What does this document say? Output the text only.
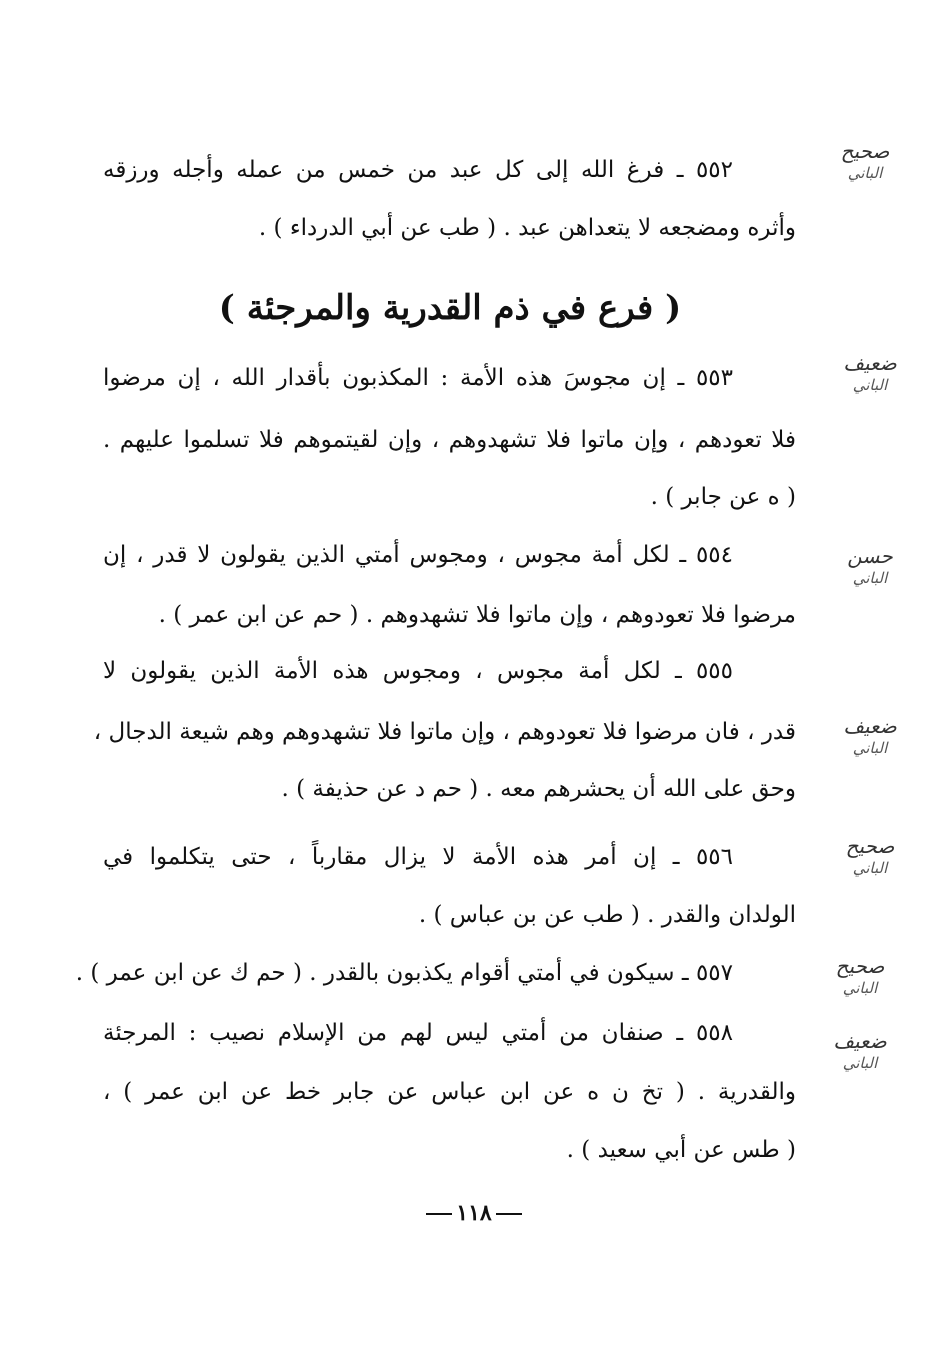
٥٥٢ ـ فرغ الله إلى كل عبد من خمس من عمله وأجله ورزقه
وأثره ومضجعه لا يتعداهن عبد . ( طب عن أبي الدرداء ) .
صحيح
الباني
( فرع في ذم القدرية والمرجئة )
٥٥٣ ـ إن مجوسَ هذه الأمة : المكذبون بأقدار الله ، إن مرضوا
فلا تعودهم ، وإن ماتوا فلا تشهدوهم ، وإن لقيتموهم فلا تسلموا عليهم .
( ه عن جابر ) .
ضعيف
الباني
٥٥٤ ـ لكل أمة مجوس ، ومجوس أمتي الذين يقولون لا قدر ، إن
مرضوا فلا تعودوهم ، وإن ماتوا فلا تشهدوهم . ( حم عن ابن عمر ) .
حسن
الباني
٥٥٥ ـ لكل أمة مجوس ، ومجوس هذه الأمة الذين يقولون لا
قدر ، فان مرضوا فلا تعودوهم ، وإن ماتوا فلا تشهدوهم وهم شيعة الدجال ،
وحق على الله أن يحشرهم معه . ( حم د عن حذيفة ) .
ضعيف
الباني
٥٥٦ ـ إن أمر هذه الأمة لا يزال مقارباً ، حتى يتكلموا في
الولدان والقدر . ( طب عن بن عباس ) .
صحيح
الباني
٥٥٧ ـ سيكون في أمتي أقوام يكذبون بالقدر . ( حم ك عن ابن عمر ) .	صحيح
الباني
٥٥٨ ـ صنفان من أمتي ليس لهم من الإسلام نصيب : المرجئة
والقدرية . ( تخ ن ه عن ابن عباس عن جابر خط عن ابن عمر ) ،
( طس عن أبي سعيد ) .
ضعيف
الباني
١١٨
